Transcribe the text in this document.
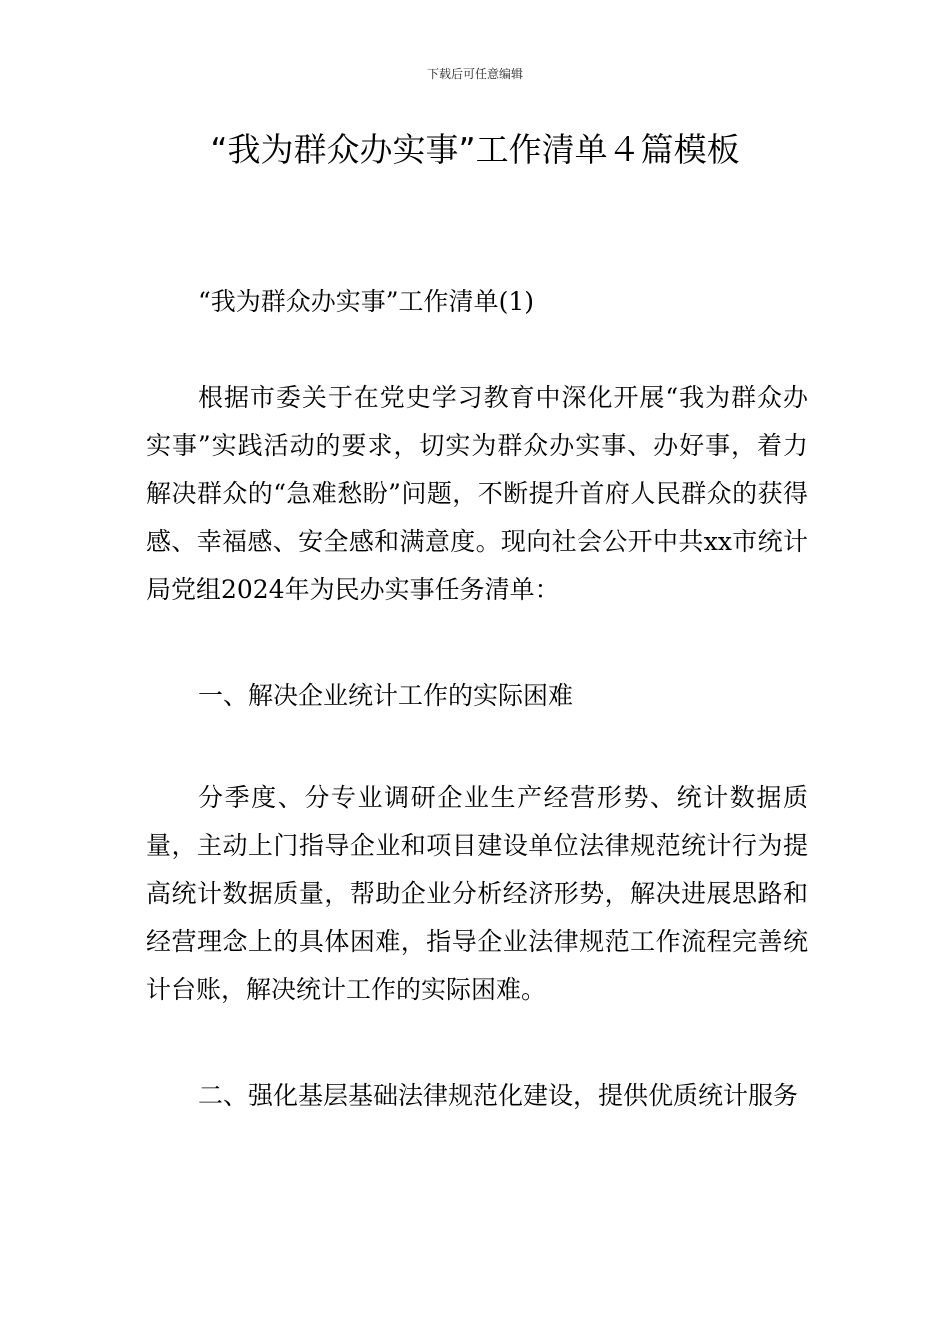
下载后可任意编辑
“我为群众办实事”工作清单４篇模板

“我为群众办实事”工作清单(1)

根据市委关于在党史学习教育中深化开展“我为群众办实事”实践活动的要求，切实为群众办实事、办好事，着力解决群众的“急难愁盼”问题，不断提升首府人民群众的获得感、幸福感、安全感和满意度。现向社会公开中共xx市统计局党组2024年为民办实事任务清单：

一、解决企业统计工作的实际困难

分季度、分专业调研企业生产经营形势、统计数据质量，主动上门指导企业和项目建设单位法律规范统计行为提高统计数据质量，帮助企业分析经济形势，解决进展思路和经营理念上的具体困难，指导企业法律规范工作流程完善统计台账，解决统计工作的实际困难。

二、强化基层基础法律规范化建设，提供优质统计服务
